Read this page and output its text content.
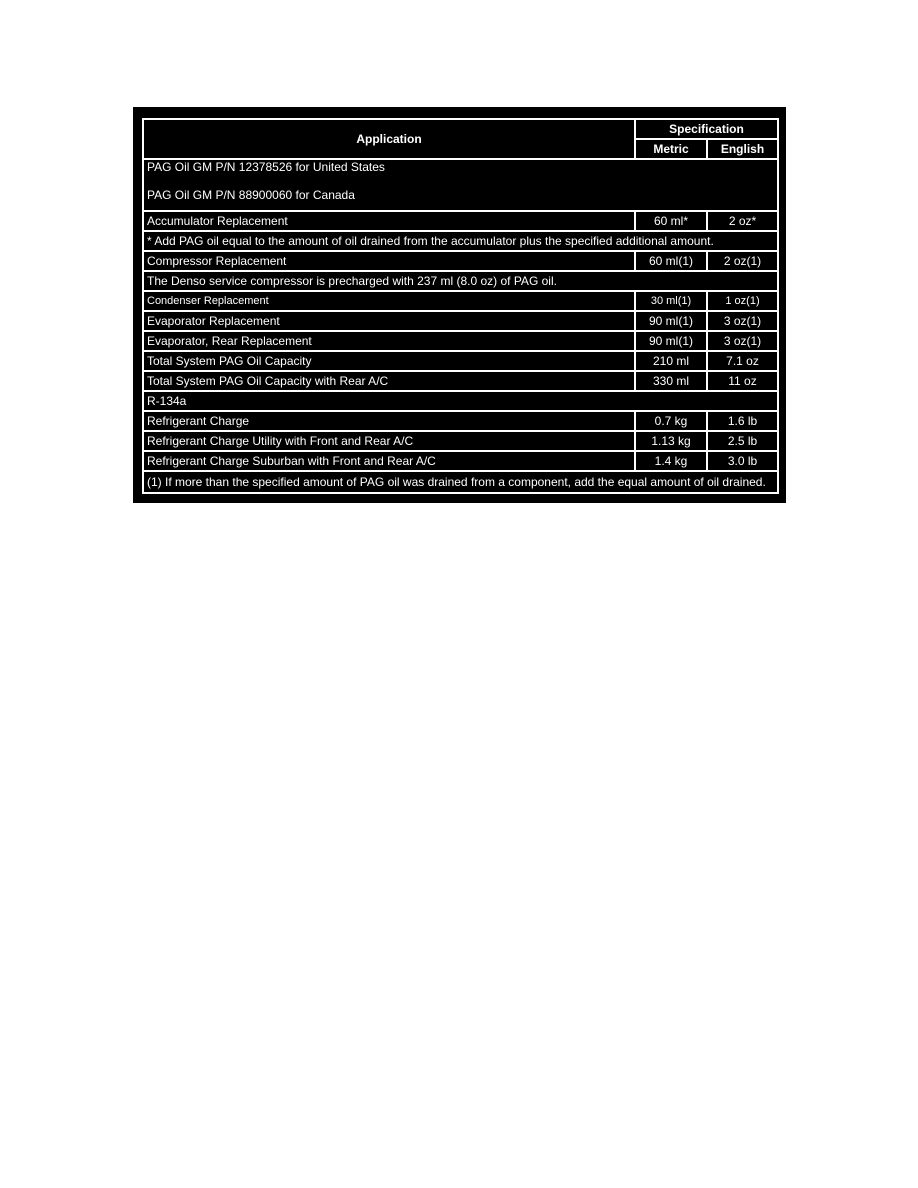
Application	Specification	
	Metric	English

PAG Oil GM P/N 12378526 for United States
PAG Oil GM P/N 88900060 for Canada		

Accumulator Replacement	60 ml*	2 oz*
* Add PAG oil equal to the amount of oil drained from the accumulator plus the specified additional amount.		
Compressor Replacement	60 ml(1)	2 oz(1)
The Denso service compressor is precharged with 237 ml (8.0 oz) of PAG oil.		
Condenser Replacement	30 ml(1)	1 oz(1)
Evaporator Replacement	90 ml(1)	3 oz(1)
Evaporator, Rear Replacement	90 ml(1)	3 oz(1)
Total System PAG Oil Capacity	210 ml	7.1 oz
Total System PAG Oil Capacity with Rear A/C	330 ml	11 oz
R-134a		
Refrigerant Charge	0.7 kg	1.6 lb
Refrigerant Charge Utility with Front and Rear A/C	1.13 kg	2.5 lb
Refrigerant Charge Suburban with Front and Rear A/C	1.4 kg	3.0 lb
(1) If more than the specified amount of PAG oil was drained from a component, add the equal amount of oil drained.		
